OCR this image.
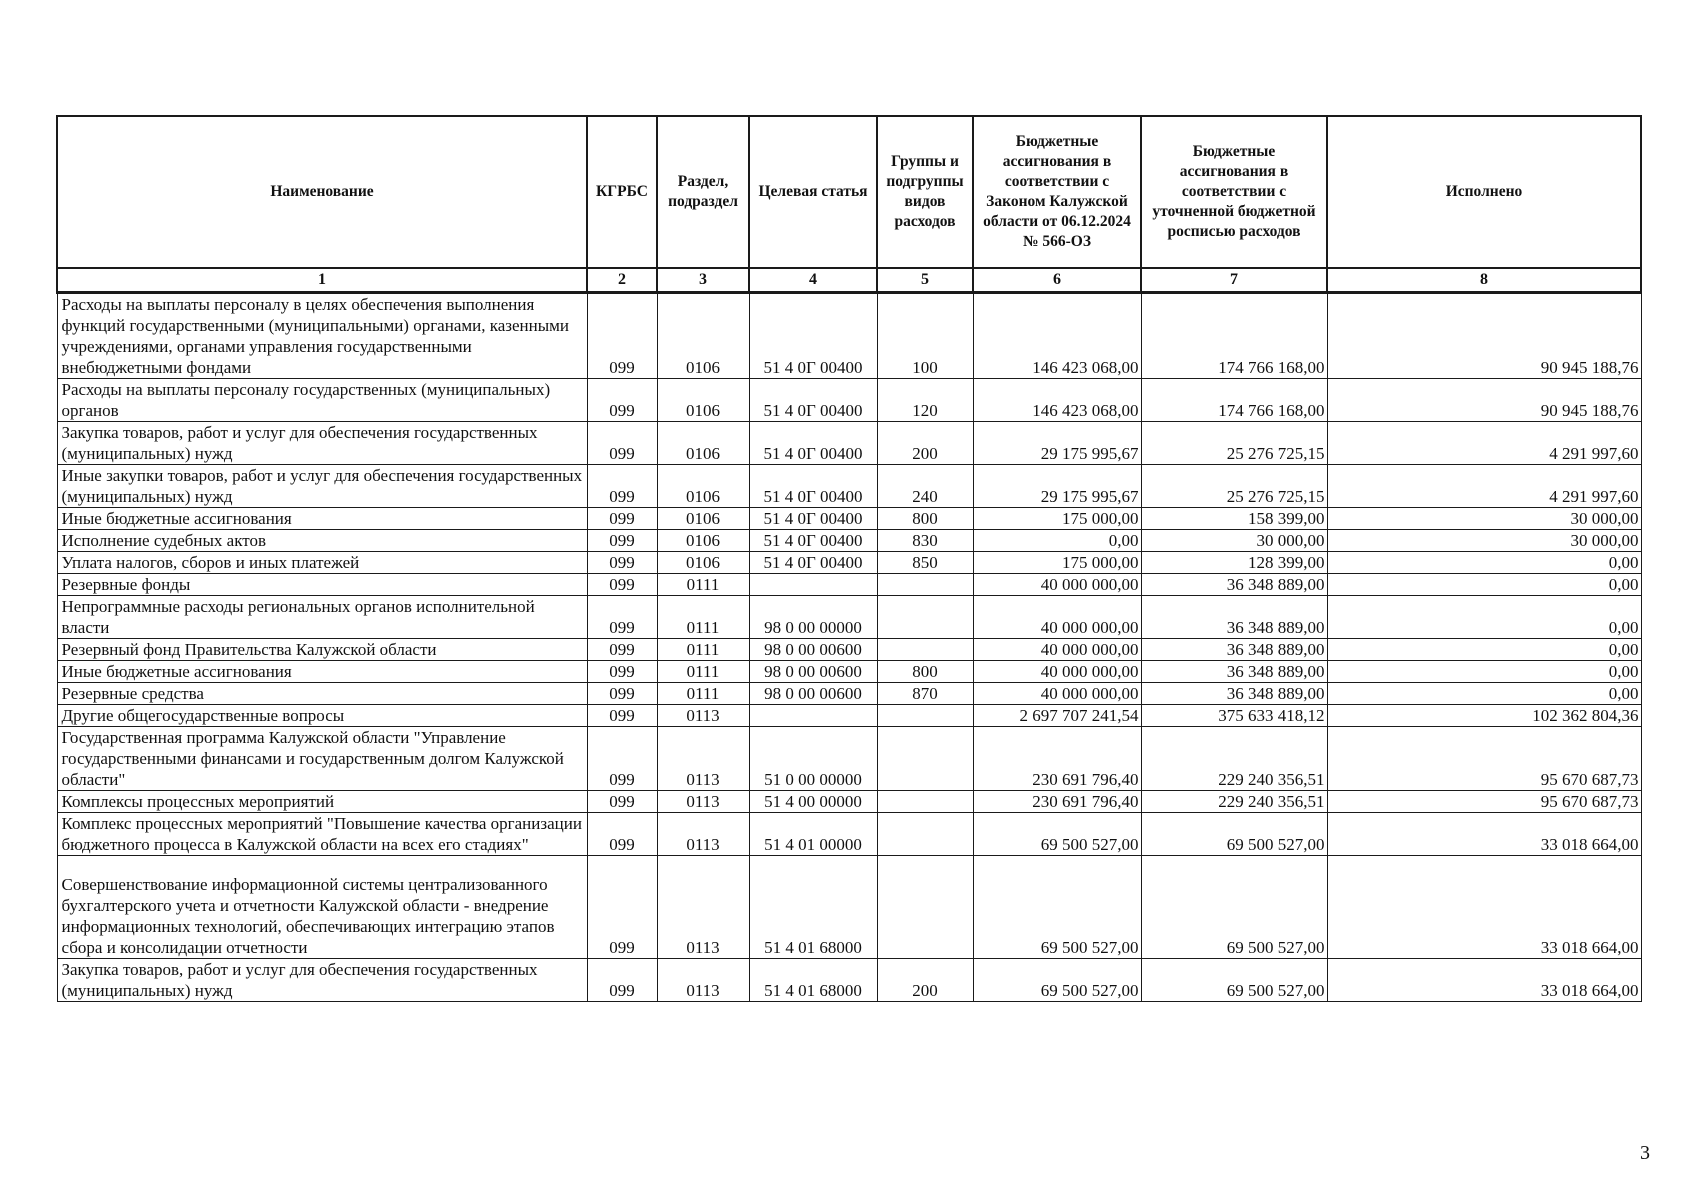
Наименование	КГРБС	Раздел, подраздел	Целевая статья	Группы и подгруппы видов расходов	Бюджетные ассигнования в соответствии с Законом Калужской области от 06.12.2024 № 566-ОЗ	Бюджетные ассигнования в соответствии с уточненной бюджетной росписью расходов	Исполнено
1	2	3	4	5	6	7	8
Расходы на выплаты персоналу в целях обеспечения выполнения функций государственными (муниципальными) органами, казенными учреждениями, органами управления государственными внебюджетными фондами	099	0106	51 4 0Г 00400	100	146 423 068,00	174 766 168,00	90 945 188,76
Расходы на выплаты персоналу государственных (муниципальных) органов	099	0106	51 4 0Г 00400	120	146 423 068,00	174 766 168,00	90 945 188,76
Закупка товаров, работ и услуг для обеспечения государственных (муниципальных) нужд	099	0106	51 4 0Г 00400	200	29 175 995,67	25 276 725,15	4 291 997,60
Иные закупки товаров, работ и услуг для обеспечения государственных (муниципальных) нужд	099	0106	51 4 0Г 00400	240	29 175 995,67	25 276 725,15	4 291 997,60
Иные бюджетные ассигнования	099	0106	51 4 0Г 00400	800	175 000,00	158 399,00	30 000,00
Исполнение судебных актов	099	0106	51 4 0Г 00400	830	0,00	30 000,00	30 000,00
Уплата налогов, сборов и иных платежей	099	0106	51 4 0Г 00400	850	175 000,00	128 399,00	0,00
Резервные фонды	099	0111			40 000 000,00	36 348 889,00	0,00
Непрограммные расходы региональных органов исполнительной власти	099	0111	98 0 00 00000		40 000 000,00	36 348 889,00	0,00
Резервный фонд Правительства Калужской области	099	0111	98 0 00 00600		40 000 000,00	36 348 889,00	0,00
Иные бюджетные ассигнования	099	0111	98 0 00 00600	800	40 000 000,00	36 348 889,00	0,00
Резервные средства	099	0111	98 0 00 00600	870	40 000 000,00	36 348 889,00	0,00
Другие общегосударственные вопросы	099	0113			2 697 707 241,54	375 633 418,12	102 362 804,36
Государственная программа Калужской области "Управление государственными финансами и государственным долгом Калужской области"	099	0113	51 0 00 00000		230 691 796,40	229 240 356,51	95 670 687,73
Комплексы процессных мероприятий	099	0113	51 4 00 00000		230 691 796,40	229 240 356,51	95 670 687,73
Комплекс процессных мероприятий "Повышение качества организации бюджетного процесса в Калужской области на всех его стадиях"	099	0113	51 4 01 00000		69 500 527,00	69 500 527,00	33 018 664,00
Совершенствование информационной системы централизованного бухгалтерского учета и отчетности Калужской области - внедрение информационных технологий, обеспечивающих интеграцию этапов сбора и консолидации отчетности	099	0113	51 4 01 68000		69 500 527,00	69 500 527,00	33 018 664,00
Закупка товаров, работ и услуг для обеспечения государственных (муниципальных) нужд	099	0113	51 4 01 68000	200	69 500 527,00	69 500 527,00	33 018 664,00
3
